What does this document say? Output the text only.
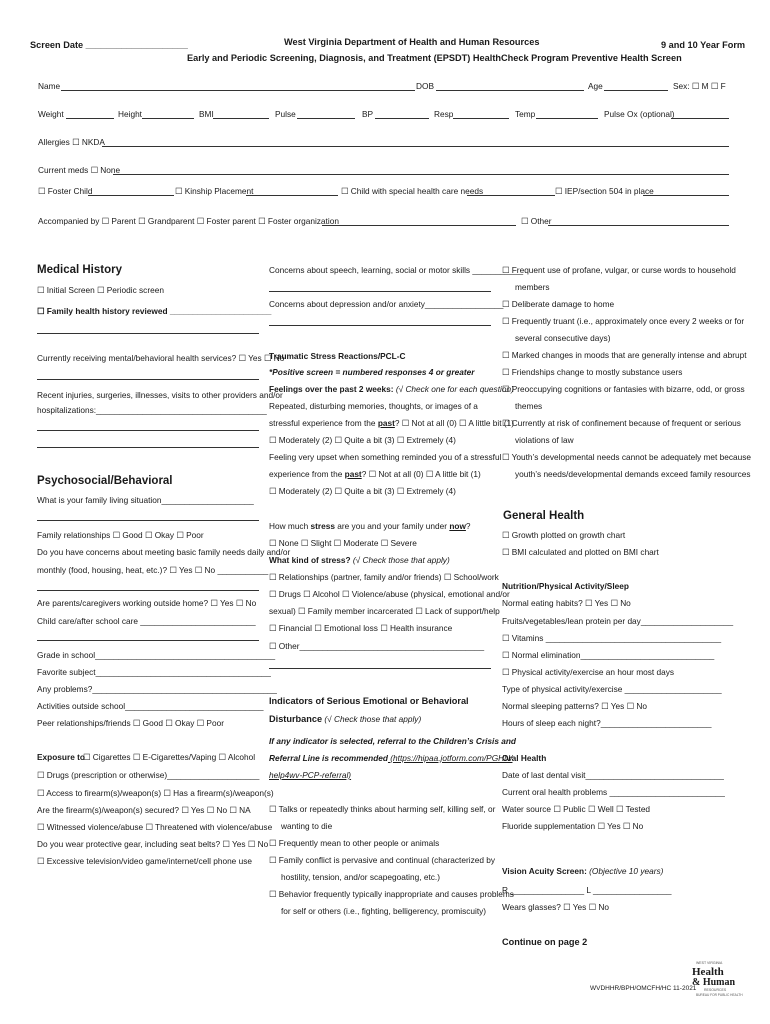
Screen Date ____________________	West Virginia Department of Health and Human Resources
Early and Periodic Screening, Diagnosis, and Treatment (EPSDT) HealthCheck Program Preventive Health Screen
9 and 10 Year Form
Name	DOB	Age	Sex: ☐ M ☐ F
Weight	Height	BMI	Pulse	BP	Resp	Temp	Pulse Ox (optional)
Allergies ☐ NKDA
Current meds ☐ None
☐ Foster Child	☐ Kinship Placement	☐ Child with special health care needs	☐ IEP/section 504 in place
Accompanied by ☐ Parent ☐ Grandparent ☐ Foster parent ☐ Foster organization	☐ Other
Medical History
☐ Initial Screen ☐ Periodic screen
☐ Family health history reviewed ______________________
Currently receiving mental/behavioral health services? ☐ Yes ☐ No
Recent injuries, surgeries, illnesses, visits to other providers and/or
hospitalizations:_____________________________________
Psychosocial/Behavioral
What is your family living situation____________________
Family relationships ☐ Good ☐ Okay ☐ Poor
Do you have concerns about meeting basic family needs daily and/or
monthly (food, housing, heat, etc.)? ☐ Yes ☐ No ___________
Are parents/caregivers working outside home? ☐ Yes ☐ No
Child care/after school care _________________________
Grade in school_______________________________________
Favorite subject______________________________________
Any problems?________________________________________
Activities outside school______________________________
Peer relationships/friends ☐ Good ☐ Okay ☐ Poor
Exposure to
☐ Cigarettes ☐ E-Cigarettes/Vaping ☐ Alcohol
☐ Drugs (prescription or otherwise)____________________
☐ Access to firearm(s)/weapon(s) ☐ Has a firearm(s)/weapon(s)
Are the firearm(s)/weapon(s) secured? ☐ Yes ☐ No ☐ NA
☐ Witnessed violence/abuse ☐ Threatened with violence/abuse
Do you wear protective gear, including seat belts? ☐ Yes ☐ No
☐ Excessive television/video game/internet/cell phone use
Concerns about speech, learning, social or motor skills ___________
Concerns about depression and/or anxiety_________________
Traumatic Stress Reactions/PCL-C
*Positive screen = numbered responses 4 or greater
Feelings over the past 2 weeks: (√ Check one for each question)
Repeated, disturbing memories, thoughts, or images of a
stressful experience from the past? ☐ Not at all (0) ☐ A little bit (1)
☐ Moderately (2) ☐ Quite a bit (3) ☐ Extremely (4)
Feeling very upset when something reminded you of a stressful
experience from the past? ☐ Not at all (0) ☐ A little bit (1)
☐ Moderately (2) ☐ Quite a bit (3) ☐ Extremely (4)
How much stress are you and your family under now?
☐ None ☐ Slight ☐ Moderate ☐ Severe
What kind of stress? (√ Check those that apply)
☐ Relationships (partner, family and/or friends) ☐ School/work
☐ Drugs ☐ Alcohol ☐ Violence/abuse (physical, emotional and/or
sexual) ☐ Family member incarcerated ☐ Lack of support/help
☐ Financial ☐ Emotional loss ☐ Health insurance
☐ Other________________________________________
Indicators of Serious Emotional or Behavioral
Disturbance (√ Check those that apply)
If any indicator is selected, referral to the Children’s Crisis and
Referral Line is recommended (https://hipaa.jotform.com/PGHN/
help4wv-PCP-referral)
☐ Talks or repeatedly thinks about harming self, killing self, or
wanting to die
☐ Frequently mean to other people or animals
☐ Family conflict is pervasive and continual (characterized by
hostility, tension, and/or scapegoating, etc.)
☐ Behavior frequently typically inappropriate and causes problems
for self or others (i.e., fighting, belligerency, promiscuity)
☐ Frequent use of profane, vulgar, or curse words to household
members
☐ Deliberate damage to home
☐ Frequently truant (i.e., approximately once every 2 weeks or for
several consecutive days)
☐ Marked changes in moods that are generally intense and abrupt
☐ Friendships change to mostly substance users
☐ Preoccupying cognitions or fantasies with bizarre, odd, or gross
themes
☐ Currently at risk of confinement because of frequent or serious
violations of law
☐ Youth’s developmental needs cannot be adequately met because
youth’s needs/developmental demands exceed family resources
General Health
☐ Growth plotted on growth chart
☐ BMI calculated and plotted on BMI chart
Nutrition/Physical Activity/Sleep
Normal eating habits? ☐ Yes ☐ No
Fruits/vegetables/lean protein per day____________________
☐ Vitamins ______________________________________
☐ Normal elimination_____________________________
☐ Physical activity/exercise an hour most days
Type of physical activity/exercise _____________________
Normal sleeping patterns? ☐ Yes ☐ No
Hours of sleep each night?________________________
Oral Health
Date of last dental visit______________________________
Current oral health problems _________________________
Water source ☐ Public ☐ Well ☐ Tested
Fluoride supplementation ☐ Yes ☐ No
Vision Acuity Screen: (Objective 10 years)
R ________________ L _________________
Wears glasses? ☐ Yes ☐ No
Continue on page 2
WVDHHR/BPH/OMCFH/HC 11-2021
WEST VIRGINIA
Health
& Human
RESOURCES
BUREAU FOR PUBLIC HEALTH
